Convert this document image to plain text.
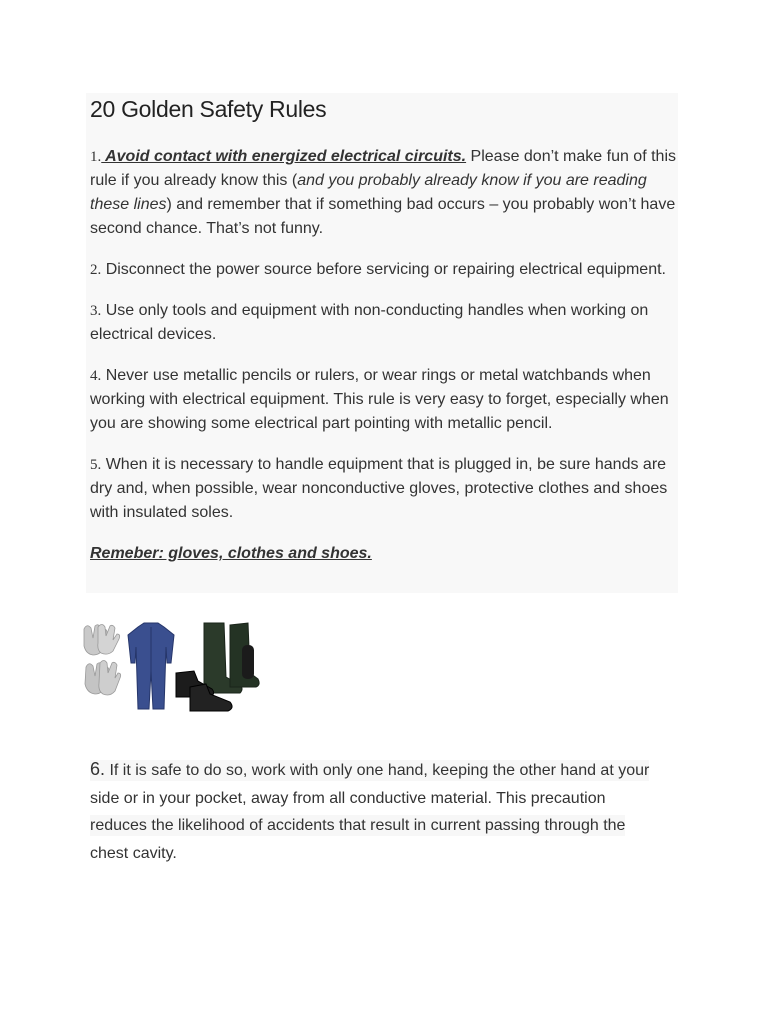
20 Golden Safety Rules

1. Avoid contact with energized electrical circuits. Please don’t make fun of this rule if you already know this (and you probably already know if you are reading these lines) and remember that if something bad occurs – you probably won’t have second chance. That’s not funny.

2. Disconnect the power source before servicing or repairing electrical equipment.

3. Use only tools and equipment with non-conducting handles when working on electrical devices.

4. Never use metallic pencils or rulers, or wear rings or metal watchbands when working with electrical equipment. This rule is very easy to forget, especially when you are showing some electrical part pointing with metallic pencil.

5. When it is necessary to handle equipment that is plugged in, be sure hands are dry and, when possible, wear nonconductive gloves, protective clothes and shoes with insulated soles.

Remeber: gloves, clothes and shoes.

6. If it is safe to do so, work with only one hand, keeping the other hand at your
side or in your pocket, away from all conductive material. This precaution
reduces the likelihood of accidents that result in current passing through the
chest cavity.
